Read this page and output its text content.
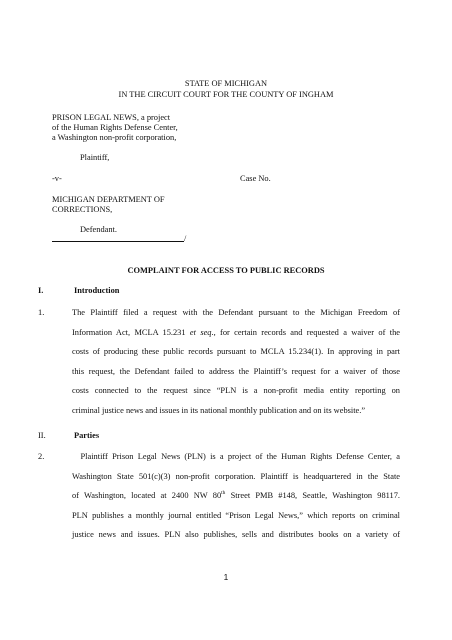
STATE OF MICHIGAN
IN THE CIRCUIT COURT FOR THE COUNTY OF INGHAM
PRISON LEGAL NEWS, a project
of the Human Rights Defense Center,
a Washington non-profit corporation,
Plaintiff,
-v-	Case No.
MICHIGAN DEPARTMENT OF
CORRECTIONS,
Defendant.
/
COMPLAINT FOR ACCESS TO PUBLIC RECORDS
I.	Introduction
1.	The Plaintiff filed a request with the Defendant pursuant to the Michigan Freedom of
Information Act, MCLA 15.231 et seq., for certain records and requested a waiver of the
costs of producing these public records pursuant to MCLA 15.234(1). In approving in part
this request, the Defendant failed to address the Plaintiff’s request for a waiver of those
costs connected to the request since “PLN is a non-profit media entity reporting on
criminal justice news and issues in its national monthly publication and on its website.”
II.	Parties
2.	Plaintiff Prison Legal News (PLN) is a project of the Human Rights Defense Center, a
Washington State 501(c)(3) non-profit corporation. Plaintiff is headquartered in the State
of Washington, located at 2400 NW 80th Street PMB #148, Seattle, Washington 98117.
PLN publishes a monthly journal entitled “Prison Legal News,” which reports on criminal
justice news and issues. PLN also publishes, sells and distributes books on a variety of
1
